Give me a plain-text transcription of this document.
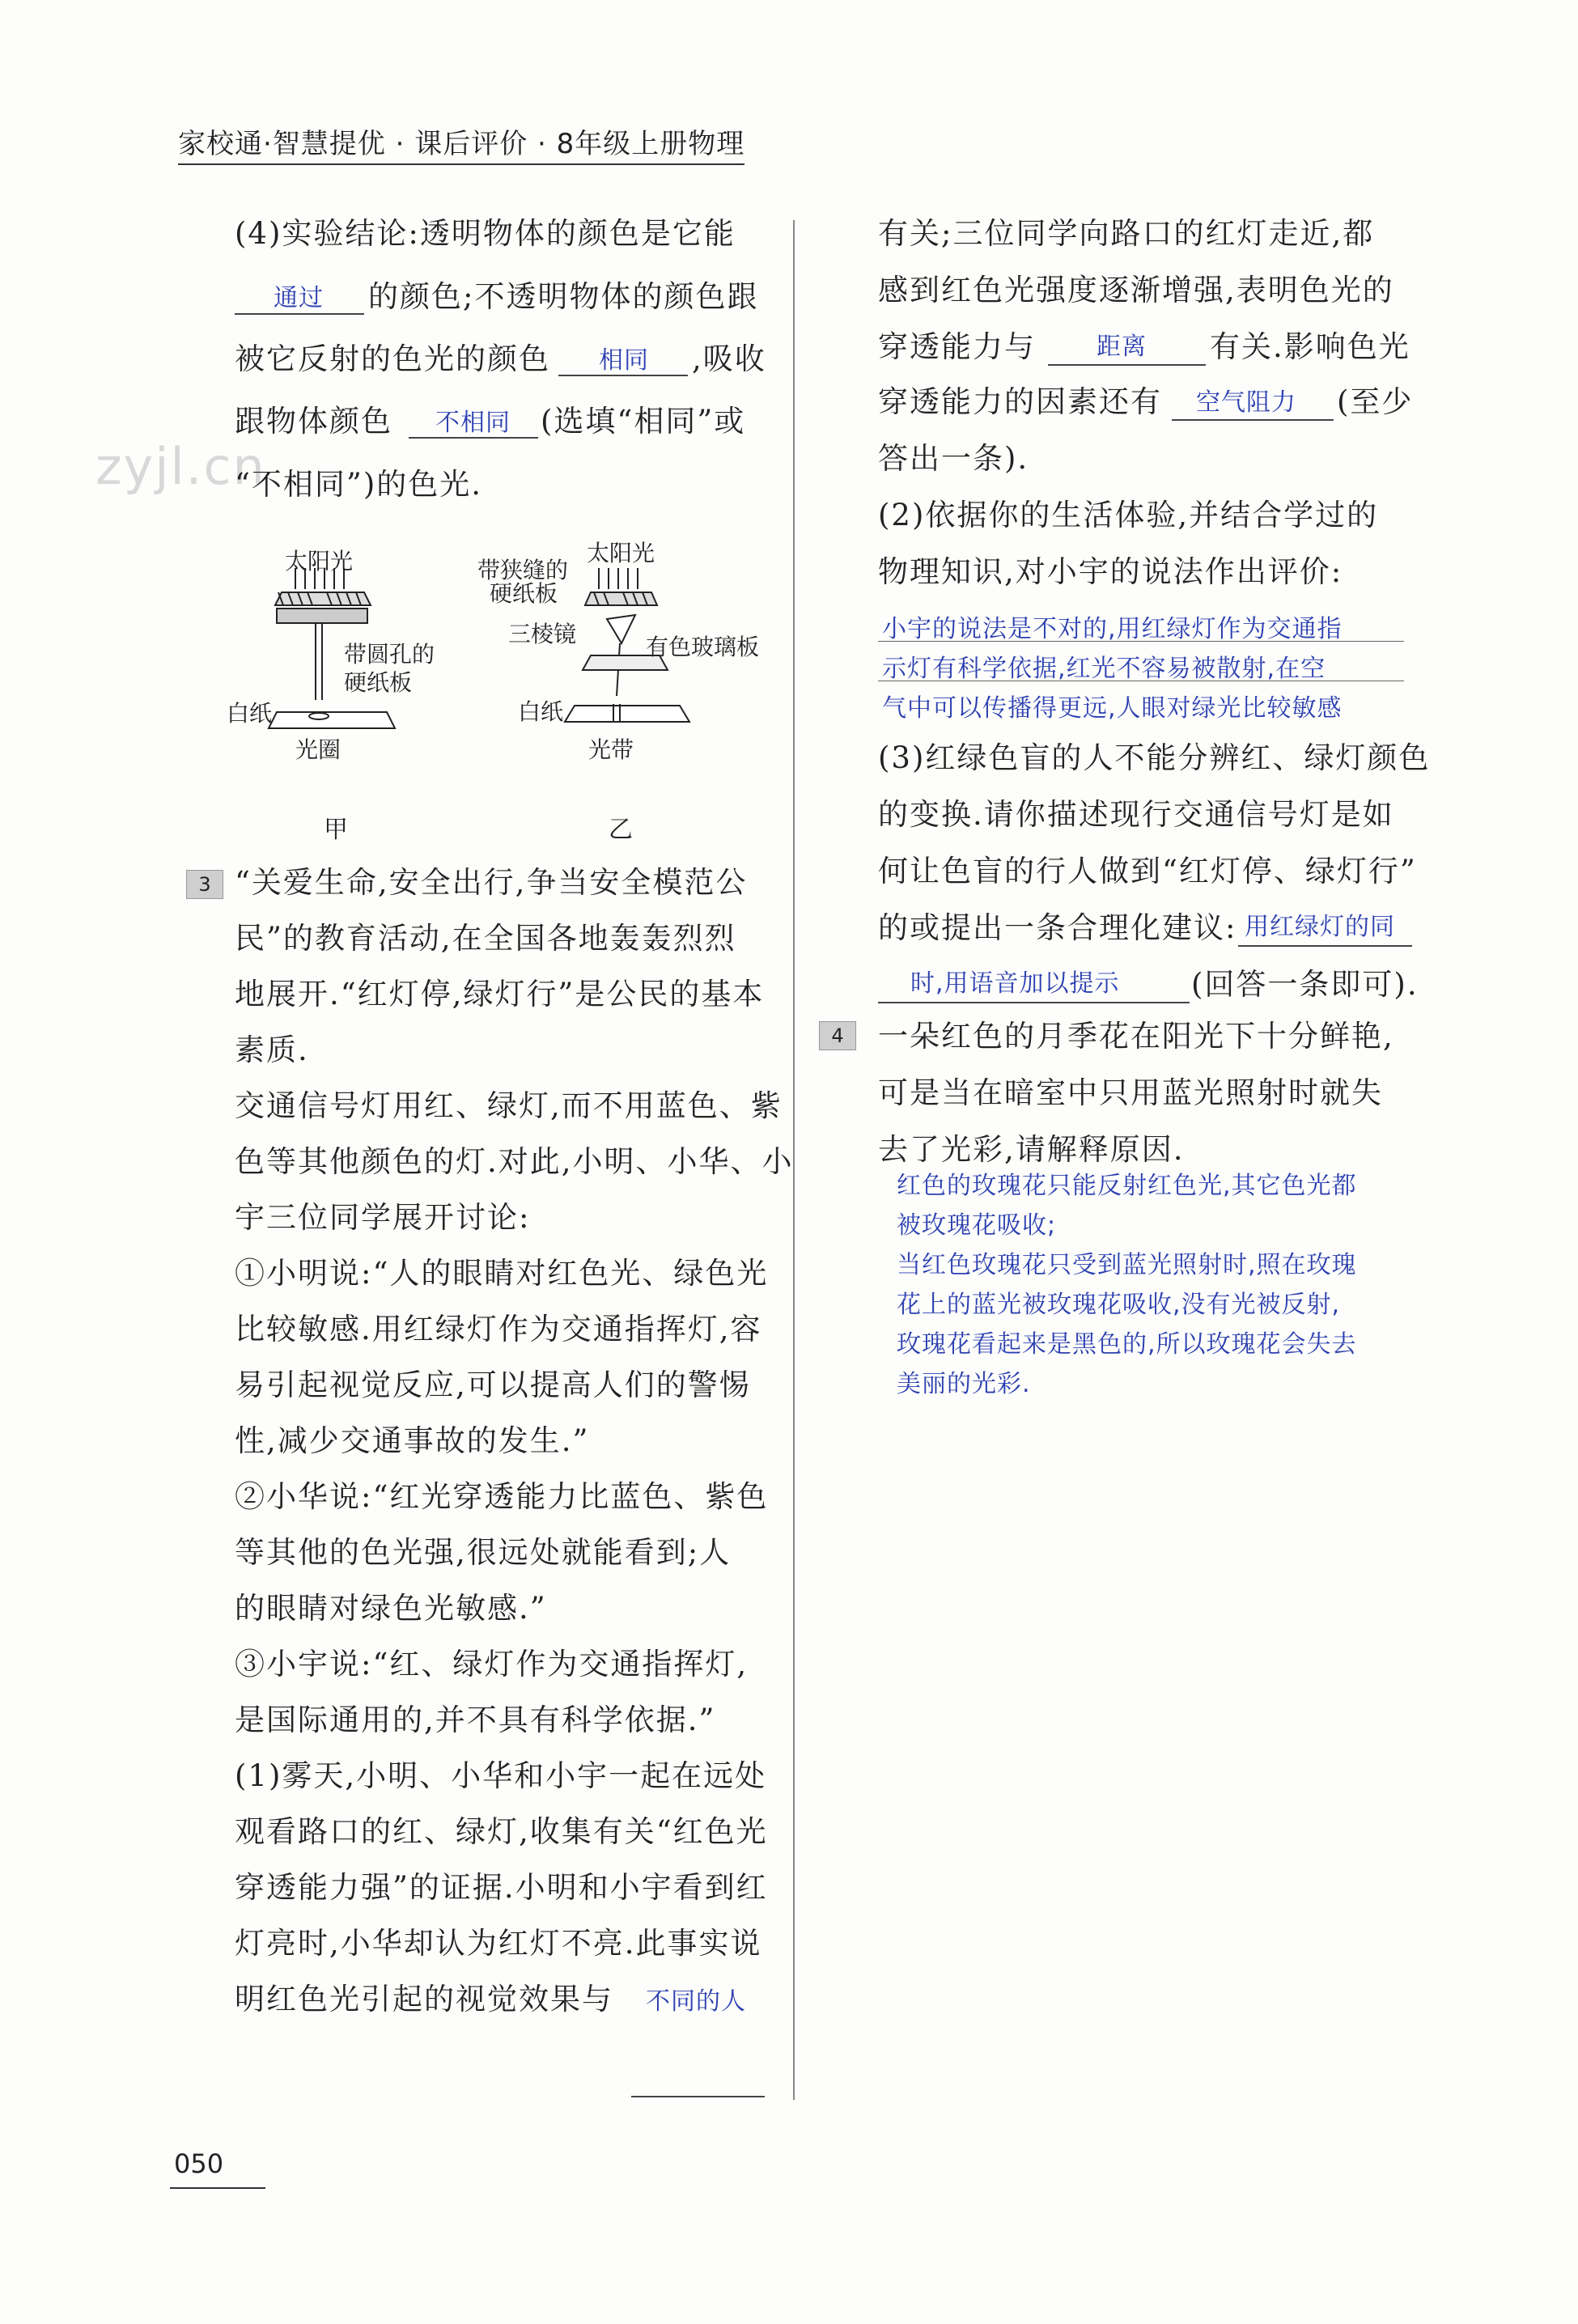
家校通·智慧提优 · 课后评价 · 8年级上册物理
zyjl.cn
(4)实验结论:透明物体的颜色是它能
通过 的颜色;不透明物体的颜色跟
被它反射的色光的颜色 相同 ,吸收
跟物体颜色 不相同 (选填“相同”或
“不相同”)的色光.
太阳光
带圆孔的
硬纸板
白纸
光圈
甲
带狭缝的
硬纸板
太阳光
三棱镜	有色玻璃板
白纸
光带
乙
3
不同的人
4
050
“关爱生命,安全出行,争当安全模范公
民”的教育活动,在全国各地轰轰烈烈
地展开.“红灯停,绿灯行”是公民的基本
素质.
交通信号灯用红、绿灯,而不用蓝色、紫
色等其他颜色的灯.对此,小明、小华、小
宇三位同学展开讨论:
①小明说:“人的眼睛对红色光、绿色光
比较敏感.用红绿灯作为交通指挥灯,容
易引起视觉反应,可以提高人们的警惕
性,减少交通事故的发生.”
②小华说:“红光穿透能力比蓝色、紫色
等其他的色光强,很远处就能看到;人
的眼睛对绿色光敏感.”
③小宇说:“红、绿灯作为交通指挥灯,
是国际通用的,并不具有科学依据.”
(1)雾天,小明、小华和小宇一起在远处
观看路口的红、绿灯,收集有关“红色光
穿透能力强”的证据.小明和小宇看到红
灯亮时,小华却认为红灯不亮.此事实说
明红色光引起的视觉效果与
有关;三位同学向路口的红灯走近,都
感到红色光强度逐渐增强,表明色光的
穿透能力与	距离 有关.影响色光
穿透能力的因素还有 空气阻力 (至少
答出一条).
(2)依据你的生活体验,并结合学过的
物理知识,对小宇的说法作出评价:
小宇的说法是不对的,用红绿灯作为交通指
示灯有科学依据,红光不容易被散射,在空
气中可以传播得更远,人眼对绿光比较敏感
(3)红绿色盲的人不能分辨红、绿灯颜色
的变换.请你描述现行交通信号灯是如
何让色盲的行人做到“红灯停、绿灯行”
的或提出一条合理化建议: 用红绿灯的同
时,用语音加以提示 (回答一条即可).
一朵红色的月季花在阳光下十分鲜艳,
可是当在暗室中只用蓝光照射时就失
去了光彩,请解释原因.
红色的玫瑰花只能反射红色光,其它色光都
被玫瑰花吸收;
当红色玫瑰花只受到蓝光照射时,照在玫瑰
花上的蓝光被玫瑰花吸收,没有光被反射,
玫瑰花看起来是黑色的,所以玫瑰花会失去
美丽的光彩.
